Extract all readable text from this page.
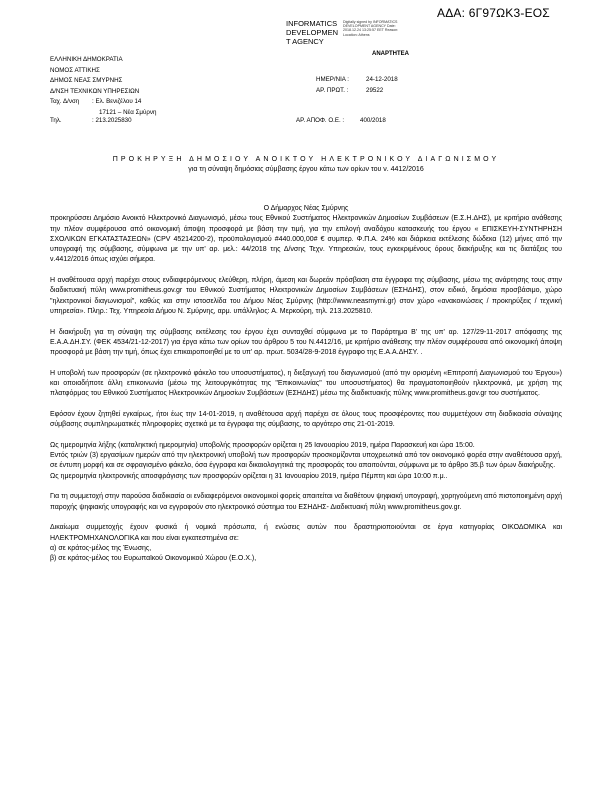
ΑΔΑ: 6Γ97ΩΚ3-ΕΟΣ
INFORMATICS
DEVELOPMEN
T AGENCY
Digitally signed by INFORMATICS DEVELOPMENT AGENCY Date: 2018.12.24 13:25:57 EET Reason: Location: Athens
ΑΝΑΡΤΗΤΕΑ
ΕΛΛΗΝΙΚΗ ΔΗΜΟΚΡΑΤΙΑ
ΝΟΜΟΣ ΑΤΤΙΚΗΣ
ΔΗΜΟΣ ΝΕΑΣ ΣΜΥΡΝΗΣ
Δ/ΝΣΗ ΤΕΧΝΙΚΩΝ ΥΠΗΡΕΣΙΩΝ
Ταχ. Δ/νση	: Ελ. Βενιζέλου 14
17121 – Νέα Σμύρνη
ΗΜΕΡ/ΝΙΑ :	24-12-2018
ΑΡ. ΠΡΩΤ. :	29522
Τηλ.	: 213.2025830	ΑΡ. ΑΠΟΦ. Ο.Ε. :	400/2018
ΠΡΟΚΗΡΥΞΗ ΔΗΜΟΣΙΟΥ ΑΝΟΙΚΤΟΥ ΗΛΕΚΤΡΟΝΙΚΟΥ ΔΙΑΓΩΝΙΣΜΟΥ
για τη σύναψη δημόσιας σύμβασης έργου κάτω των ορίων του ν. 4412/2016

Ο Δήμαρχος Νέας Σμύρνης

προκηρύσσει Δημόσιο Ανοικτό Ηλεκτρονικό Διαγωνισμό, μέσω τους Εθνικού Συστήματος Ηλεκτρονικών Δημοσίων Συμβάσεων (Ε.Σ.Η.ΔΗΣ), με κριτήριο ανάθεσης την πλέον συμφέρουσα από οικονομική άποψη προσφορά με βάση την τιμή, για την επιλογή αναδόχου κατασκευής του έργου « ΕΠΙΣΚΕΥΗ-ΣΥΝΤΗΡΗΣΗ ΣΧΟΛΙΚΩΝ ΕΓΚΑΤΑΣΤΑΣΕΩΝ» (CPV 45214200-2), προϋπολογισμού #440.000,00# € συμπερ. Φ.Π.Α. 24% και διάρκεια εκτέλεσης δώδεκα (12) μήνες από την υπογραφή της σύμβασης, σύμφωνα με την υπ' αρ. μελ.: 44/2018 της Δ/νσης Τεχν. Υπηρεσιών, τους εγκεκριμένους όρους διακήρυξης και τις διατάξεις του ν.4412/2016 όπως ισχύει σήμερα.

Η αναθέτουσα αρχή παρέχει στους ενδιαφερόμενους ελεύθερη, πλήρη, άμεση και δωρεάν πρόσβαση στα έγγραφα της σύμβασης, μέσω της ανάρτησης τους στην διαδικτυακή πύλη www.promitheus.gov.gr του Εθνικού Συστήματος Ηλεκτρονικών Δημοσίων Συμβάσεων (ΕΣΗΔΗΣ), στον ειδικό, δημόσια προσβάσιμο, χώρο "ηλεκτρονικοί διαγωνισμοί", καθώς και στην ιστοσελίδα του Δήμου Νέας Σμύρνης (http://www.neasmyrni.gr) στον χώρο «ανακοινώσεις / προκηρύξεις / τεχνική υπηρεσία». Πληρ.: Τεχ. Υπηρεσία Δήμου Ν. Σμύρνης, αρμ. υπάλληλος: Α. Μερκούρη, τηλ. 213.2025810.

Η διακήρυξη για τη σύναψη της σύμβασης εκτέλεσης του έργου έχει συνταχθεί σύμφωνα με το Παράρτημα Β' της υπ' αρ. 127/29-11-2017 απόφασης της Ε.Α.Α.ΔΗ.ΣΥ. (ΦΕΚ 4534/21-12-2017) για έργα κάτω των ορίων του άρθρου 5 του Ν.4412/16, με κριτήριο ανάθεσης την πλέον συμφέρουσα από οικονομική άποψη προσφορά με βάση την τιμή, όπως έχει επικαιροποιηθεί με το υπ' αρ. πρωτ. 5034/28-9-2018 έγγραφο της Ε.Α.Α.ΔΗΣΥ. .

Η υποβολή των προσφορών (σε ηλεκτρονικό φάκελο του υποσυστήματος), η διεξαγωγή του διαγωνισμού (από την ορισμένη «Επιτροπή Διαγωνισμού του Έργου») και οποιαδήποτε άλλη επικοινωνία (μέσω της λειτουργικότητας της "Επικοινωνίας" του υποσυστήματος) θα πραγματοποιηθούν ηλεκτρονικά, με χρήση της πλατφόρμας του Εθνικού Συστήματος Ηλεκτρονικών Δημοσίων Συμβάσεων (ΕΣΗΔΗΣ) μέσω της διαδικτυακής πύλης www.promitheus.gov.gr του συστήματος.

Εφόσον έχουν ζητηθεί εγκαίρως, ήτοι έως την 14-01-2019, η αναθέτουσα αρχή παρέχει σε όλους τους προσφέροντες που συμμετέχουν στη διαδικασία σύναψης σύμβασης συμπληρωματικές πληροφορίες σχετικά με τα έγγραφα της σύμβασης, το αργότερο στις 21-01-2019.

Ως ημερομηνία λήξης (καταληκτική ημερομηνία) υποβολής προσφορών ορίζεται η 25 Ιανουαρίου 2019, ημέρα Παρασκευή και ώρα 15:00.

Εντός τριών (3) εργασίμων ημερών από την ηλεκτρονική υποβολή των προσφορών προσκομίζονται υποχρεωτικά από τον οικονομικό φορέα στην αναθέτουσα αρχή, σε έντυπη μορφή και σε σφραγισμένο φάκελο, όσα έγγραφα και δικαιολογητικά της προσφοράς του απαιτούνται, σύμφωνα με το άρθρο 35.β των όρων διακήρυξης.

Ως ημερομηνία ηλεκτρονικής αποσφράγισης των προσφορών ορίζεται η 31 Ιανουαρίου 2019, ημέρα Πέμπτη και ώρα 10:00 π.μ..

Για τη συμμετοχή στην παρούσα διαδικασία οι ενδιαφερόμενοι οικονομικοί φορείς απαιτείται να διαθέτουν ψηφιακή υπογραφή, χορηγούμενη από πιστοποιημένη αρχή παροχής ψηφιακής υπογραφής και να εγγραφούν στο ηλεκτρονικό σύστημα του ΕΣΗΔΗΣ- Διαδικτυακή πύλη www.promitheus.gov.gr.

Δικαίωμα συμμετοχής έχουν φυσικά ή νομικά πρόσωπα, ή ενώσεις αυτών που δραστηριοποιούνται σε έργα κατηγορίας ΟΙΚΟΔΟΜΙΚΑ και ΗΛΕΚΤΡΟΜΗΧΑΝΟΛΟΓΙΚΑ και που είναι εγκατεστημένα σε:

α) σε κράτος-μέλος της Ένωσης,

β) σε κράτος-μέλος του Ευρωπαϊκού Οικονομικού Χώρου (Ε.Ο.Χ.),
